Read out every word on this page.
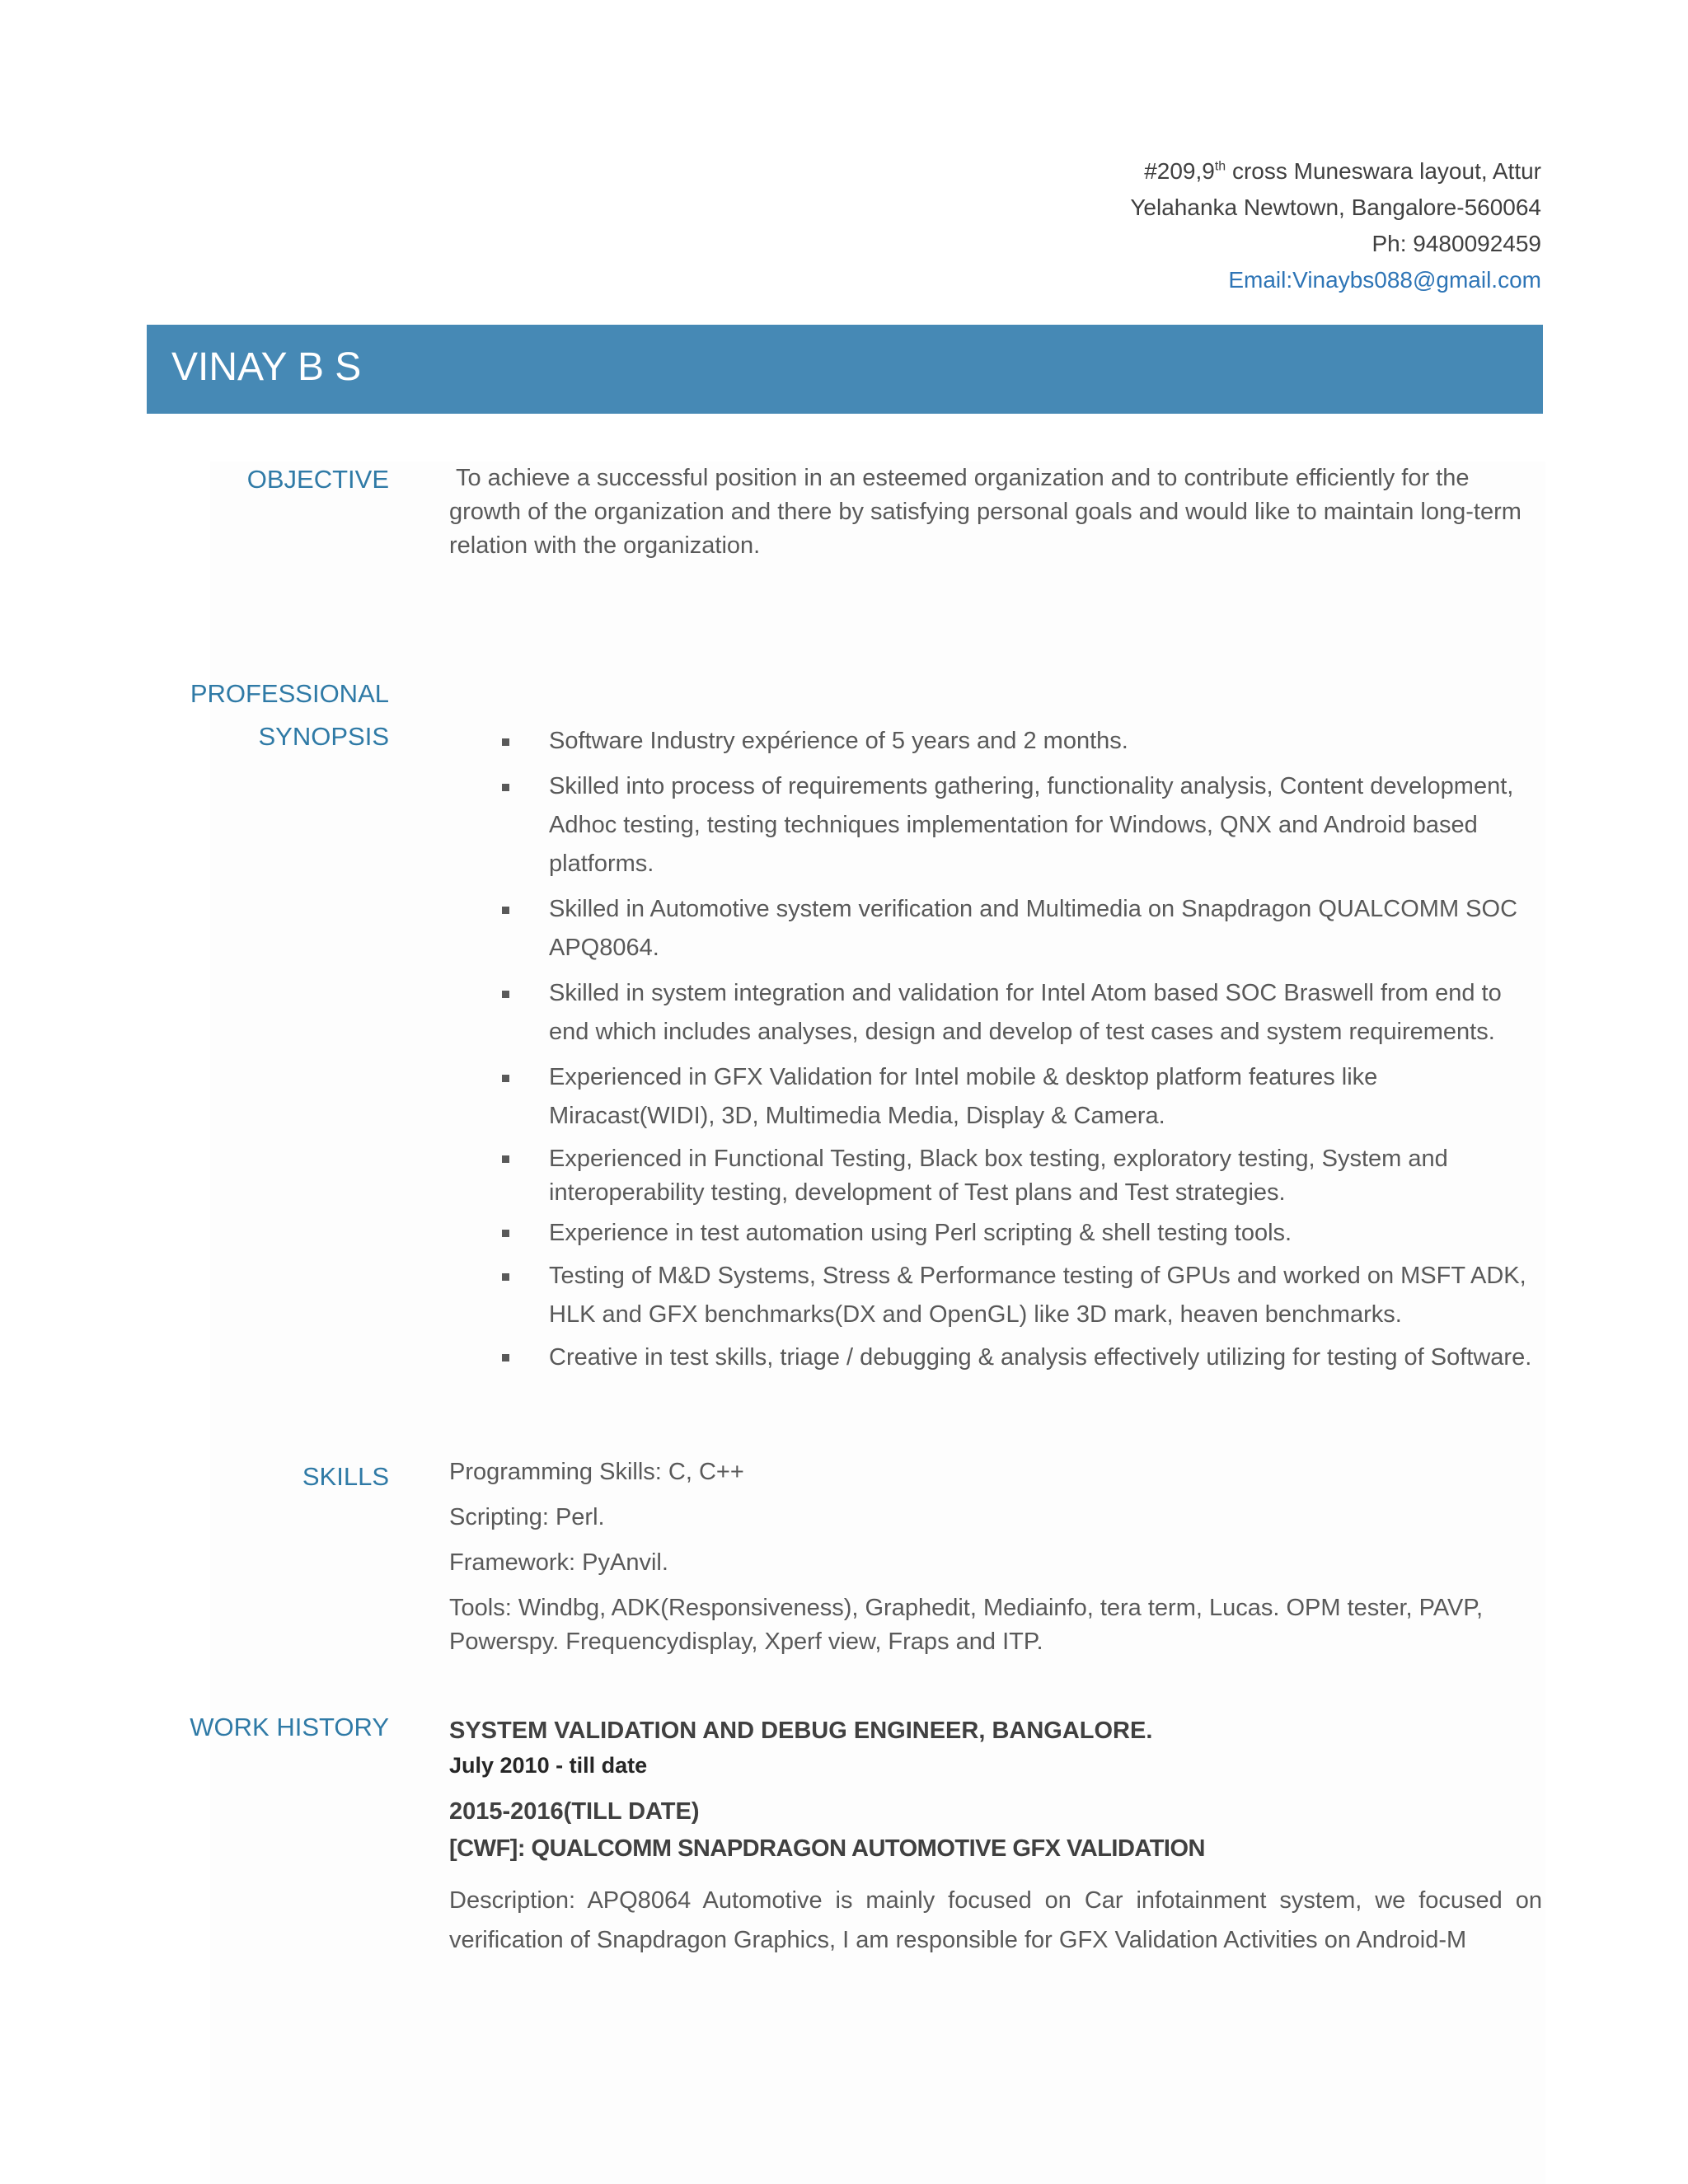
#209,9th cross Muneswara layout, Attur
Yelahanka Newtown, Bangalore-560064
Ph: 9480092459
Email:Vinaybs088@gmail.com
VINAY B S
OBJECTIVE	To achieve a successful position in an esteemed organization and to contribute efficiently for the growth of the organization and there by satisfying personal goals and would like to maintain long-term relation with the organization.
PROFESSIONAL
SYNOPSIS	Software Industry expérience of 5 years and 2 months.
Skilled into process of requirements gathering, functionality analysis, Content development, Adhoc testing, testing techniques implementation for Windows, QNX and Android based platforms.
Skilled in Automotive system verification and Multimedia on Snapdragon QUALCOMM SOC APQ8064.
Skilled in system integration and validation for Intel Atom based SOC Braswell from end to end which includes analyses, design and develop of test cases and system requirements.
Experienced in GFX Validation for Intel mobile & desktop platform features like Miracast(WIDI), 3D, Multimedia Media, Display & Camera.
Experienced in Functional Testing, Black box testing, exploratory testing, System and interoperability testing, development of Test plans and Test strategies.
Experience in test automation using Perl scripting & shell testing tools.
Testing of M&D Systems, Stress & Performance testing of GPUs and worked on MSFT ADK, HLK and GFX benchmarks(DX and OpenGL) like 3D mark, heaven benchmarks.
Creative in test skills, triage / debugging & analysis effectively utilizing for testing of Software.
SKILLS	Programming Skills: C, C++

Scripting: Perl.

Framework: PyAnvil.

Tools: Windbg, ADK(Responsiveness), Graphedit, Mediainfo, tera term, Lucas. OPM tester, PAVP, Powerspy. Frequencydisplay, Xperf view, Fraps and ITP.

WORK HISTORY	SYSTEM VALIDATION AND DEBUG ENGINEER, BANGALORE.
July 2010 - till date
2015-2016(TILL DATE)
[CWF]: QUALCOMM SNAPDRAGON AUTOMOTIVE GFX VALIDATION
Description: APQ8064 Automotive is mainly focused on Car infotainment system, we focused on verification of Snapdragon Graphics, I am responsible for GFX Validation Activities on Android-M
